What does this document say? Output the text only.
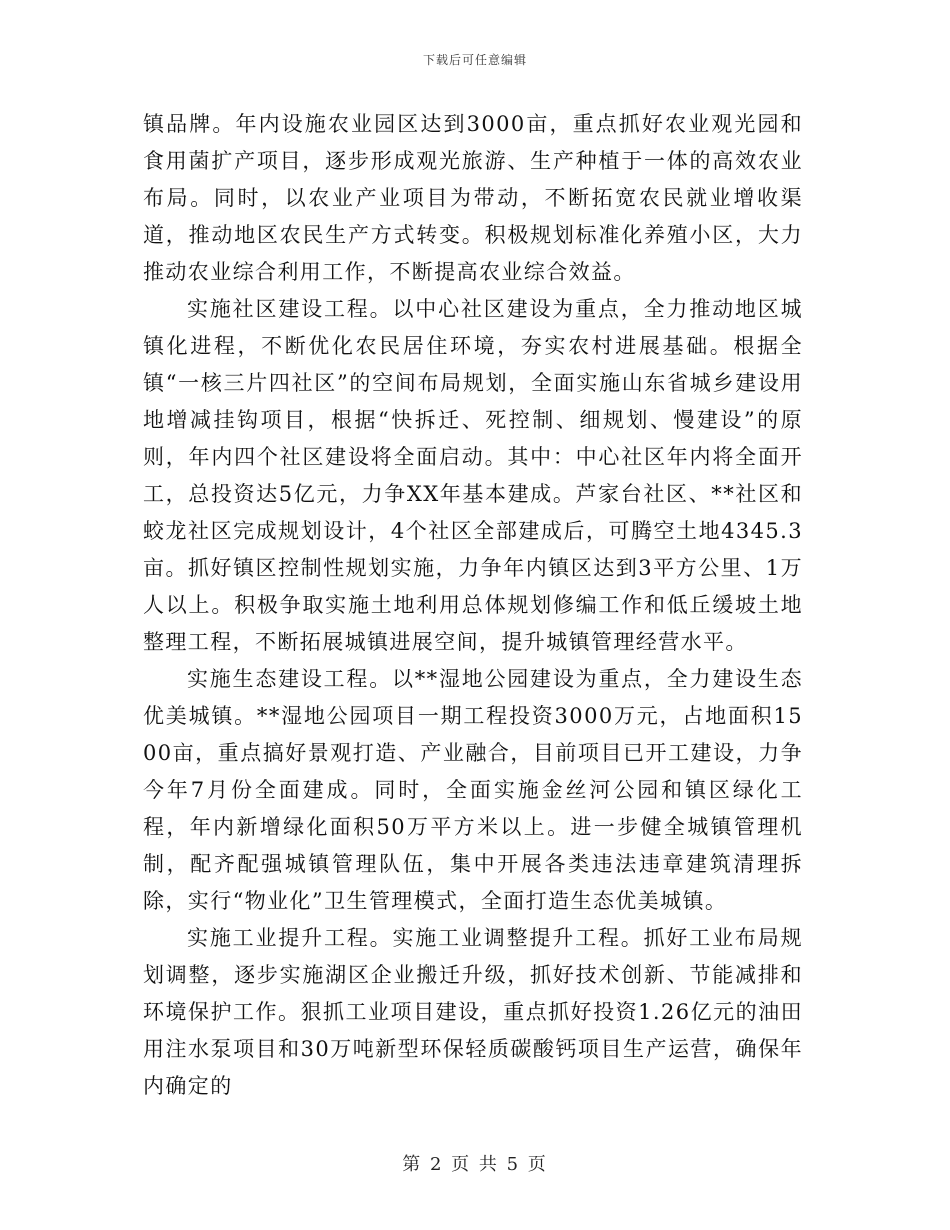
下载后可任意编辑

镇品牌。年内设施农业园区达到3000亩，重点抓好农业观光园和食用菌扩产项目，逐步形成观光旅游、生产种植于一体的高效农业布局。同时，以农业产业项目为带动，不断拓宽农民就业增收渠道，推动地区农民生产方式转变。积极规划标准化养殖小区，大力推动农业综合利用工作，不断提高农业综合效益。

实施社区建设工程。以中心社区建设为重点，全力推动地区城镇化进程，不断优化农民居住环境，夯实农村进展基础。根据全镇“一核三片四社区”的空间布局规划，全面实施山东省城乡建设用地增减挂钩项目，根据“快拆迁、死控制、细规划、慢建设”的原则，年内四个社区建设将全面启动。其中：中心社区年内将全面开工，总投资达5亿元，力争XX年基本建成。芦家台社区、**社区和蛟龙社区完成规划设计，4个社区全部建成后，可腾空土地4345.3亩。抓好镇区控制性规划实施，力争年内镇区达到3平方公里、1万人以上。积极争取实施土地利用总体规划修编工作和低丘缓坡土地整理工程，不断拓展城镇进展空间，提升城镇管理经营水平。

实施生态建设工程。以**湿地公园建设为重点，全力建设生态优美城镇。**湿地公园项目一期工程投资3000万元，占地面积1500亩，重点搞好景观打造、产业融合，目前项目已开工建设，力争今年7月份全面建成。同时，全面实施金丝河公园和镇区绿化工程，年内新增绿化面积50万平方米以上。进一步健全城镇管理机制，配齐配强城镇管理队伍，集中开展各类违法违章建筑清理拆除，实行“物业化”卫生管理模式，全面打造生态优美城镇。

实施工业提升工程。实施工业调整提升工程。抓好工业布局规划调整，逐步实施湖区企业搬迁升级，抓好技术创新、节能减排和环境保护工作。狠抓工业项目建设，重点抓好投资1.26亿元的油田用注水泵项目和30万吨新型环保轻质碳酸钙项目生产运营，确保年内确定的

第 2 页 共 5 页
